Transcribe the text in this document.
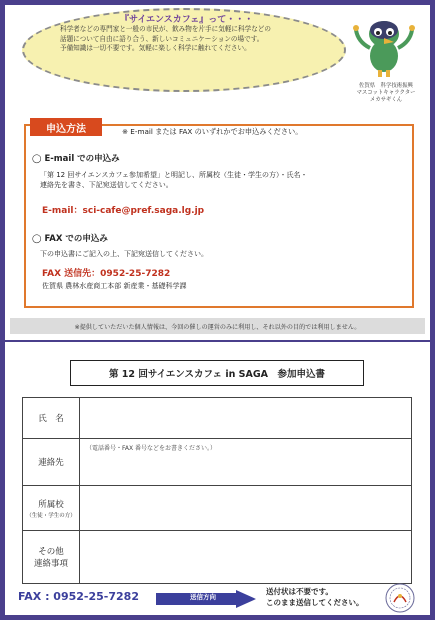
『サイエンスカフェ』って・・・
科学者などの専門家と一般の市民が、飲み物を片手に気軽に科学などの
話題について自由に語り合う、新しいコミュニケーションの場です。
予備知識は一切不要です。気軽に楽しく科学に触れてください。
佐賀県　科学技術振興
マスコットキャラクター
メカサギくん
申込方法	※ E-mail または FAX のいずれかでお申込みください。
◯ E-mail での申込み
「第 12 回サイエンスカフェ参加希望」と明記し、所属校（生徒・学生の方）・氏名・
連絡先を書き、下記宛送信してください。
E-mail：sci-cafe@pref.saga.lg.jp
◯ FAX での申込み
下の申込書にご記入の上、下記宛送信してください。
FAX 送信先：0952-25-7282
佐賀県 農林水産商工本部 新産業・基礎科学課
※提供していただいた個人情報は、今回の催しの運営のみに利用し、それ以外の目的では利用しません。
第 12 回サイエンスカフェ in SAGA　参加申込書
氏　名	
連絡先	（電話番号・FAX 番号などをお書きください。）

所属校
（生徒・学生の方）	

その他
連絡事項	

FAX : 0952-25-7282	送信方向
送付状は不要です。
このまま送信してください。
